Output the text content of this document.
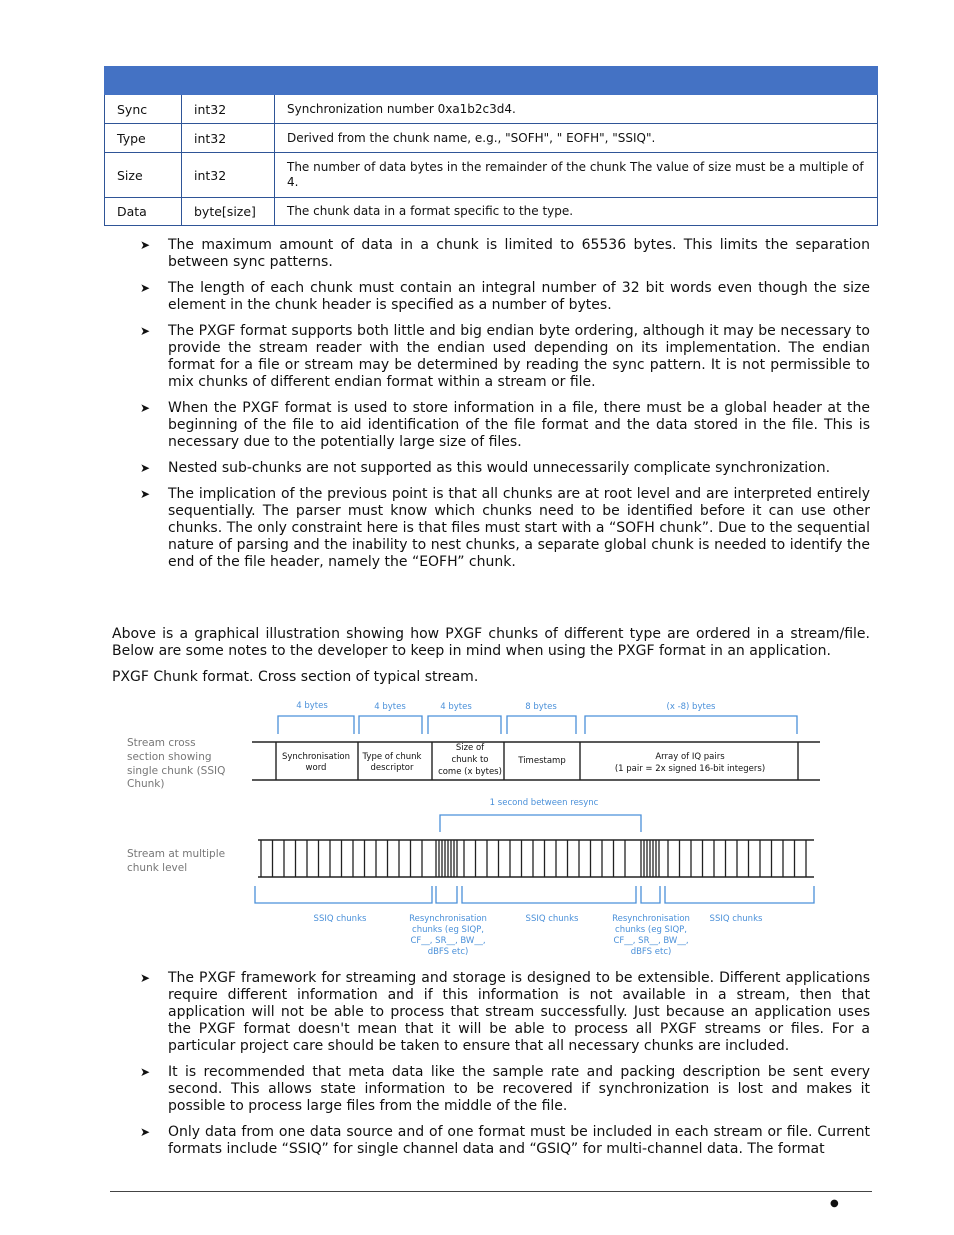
Sync	int32	Synchronization number 0xa1b2c3d4.
Type	int32	Derived from the chunk name, e.g., "SOFH", " EOFH", "SSIQ".
Size	int32	The number of data bytes in the remainder of the chunk The value of size must be a multiple of 4.
Data	byte[size]	The chunk data in a format specific to the type.
➤ The maximum amount of data in a chunk is limited to 65536 bytes. This limits the separation between sync patterns.
➤ The length of each chunk must contain an integral number of 32 bit words even though the size element in the chunk header is specified as a number of bytes.
➤ The PXGF format supports both little and big endian byte ordering, although it may be necessary to provide the stream reader with the endian used depending on its implementation. The endian format for a file or stream may be determined by reading the sync pattern. It is not permissible to mix chunks of different endian format within a stream or file.
➤ When the PXGF format is used to store information in a file, there must be a global header at the beginning of the file to aid identification of the file format and the data stored in the file. This is necessary due to the potentially large size of files.
➤ Nested sub-chunks are not supported as this would unnecessarily complicate synchronization.
➤ The implication of the previous point is that all chunks are at root level and are interpreted entirely sequentially. The parser must know which chunks need to be identified before it can use other chunks. The only constraint here is that files must start with a “SOFH chunk”. Due to the sequential nature of parsing and the inability to nest chunks, a separate global chunk is needed to identify the end of the file header, namely the “EOFH” chunk.
Above is a graphical illustration showing how PXGF chunks of different type are ordered in a stream/file. Below are some notes to the developer to keep in mind when using the PXGF format in an application.
PXGF Chunk format. Cross section of typical stream.
4 bytes	4 bytes	4 bytes	8 bytes	(x -8) bytes
Stream cross
section showing
single chunk (SSIQ
Chunk)
Synchronisation
word
Type of chunk
descriptor
Size of
chunk to
come (x bytes)
Timestamp	Array of IQ pairs
(1 pair = 2x signed 16-bit integers)
1 second between resync
Stream at multiple
chunk level
SSIQ chunks	Resynchronisation
chunks (eg SIQP,
CF__, SR__, BW__,
dBFS etc)
SSIQ chunks	Resynchronisation
chunks (eg SIQP,
CF__, SR__, BW__,
dBFS etc)
SSIQ chunks
➤ The PXGF framework for streaming and storage is designed to be extensible. Different applications require different information and if this information is not available in a stream, then that application will not be able to process that stream successfully. Just because an application uses the PXGF format doesn't mean that it will be able to process all PXGF streams or files. For a particular project care should be taken to ensure that all necessary chunks are included.
➤ It is recommended that meta data like the sample rate and packing description be sent every second. This allows state information to be recovered if synchronization is lost and makes it possible to process large files from the middle of the file.
➤ Only data from one data source and of one format must be included in each stream or file. Current formats include “SSIQ” for single channel data and “GSIQ” for multi-channel data. The format
●
